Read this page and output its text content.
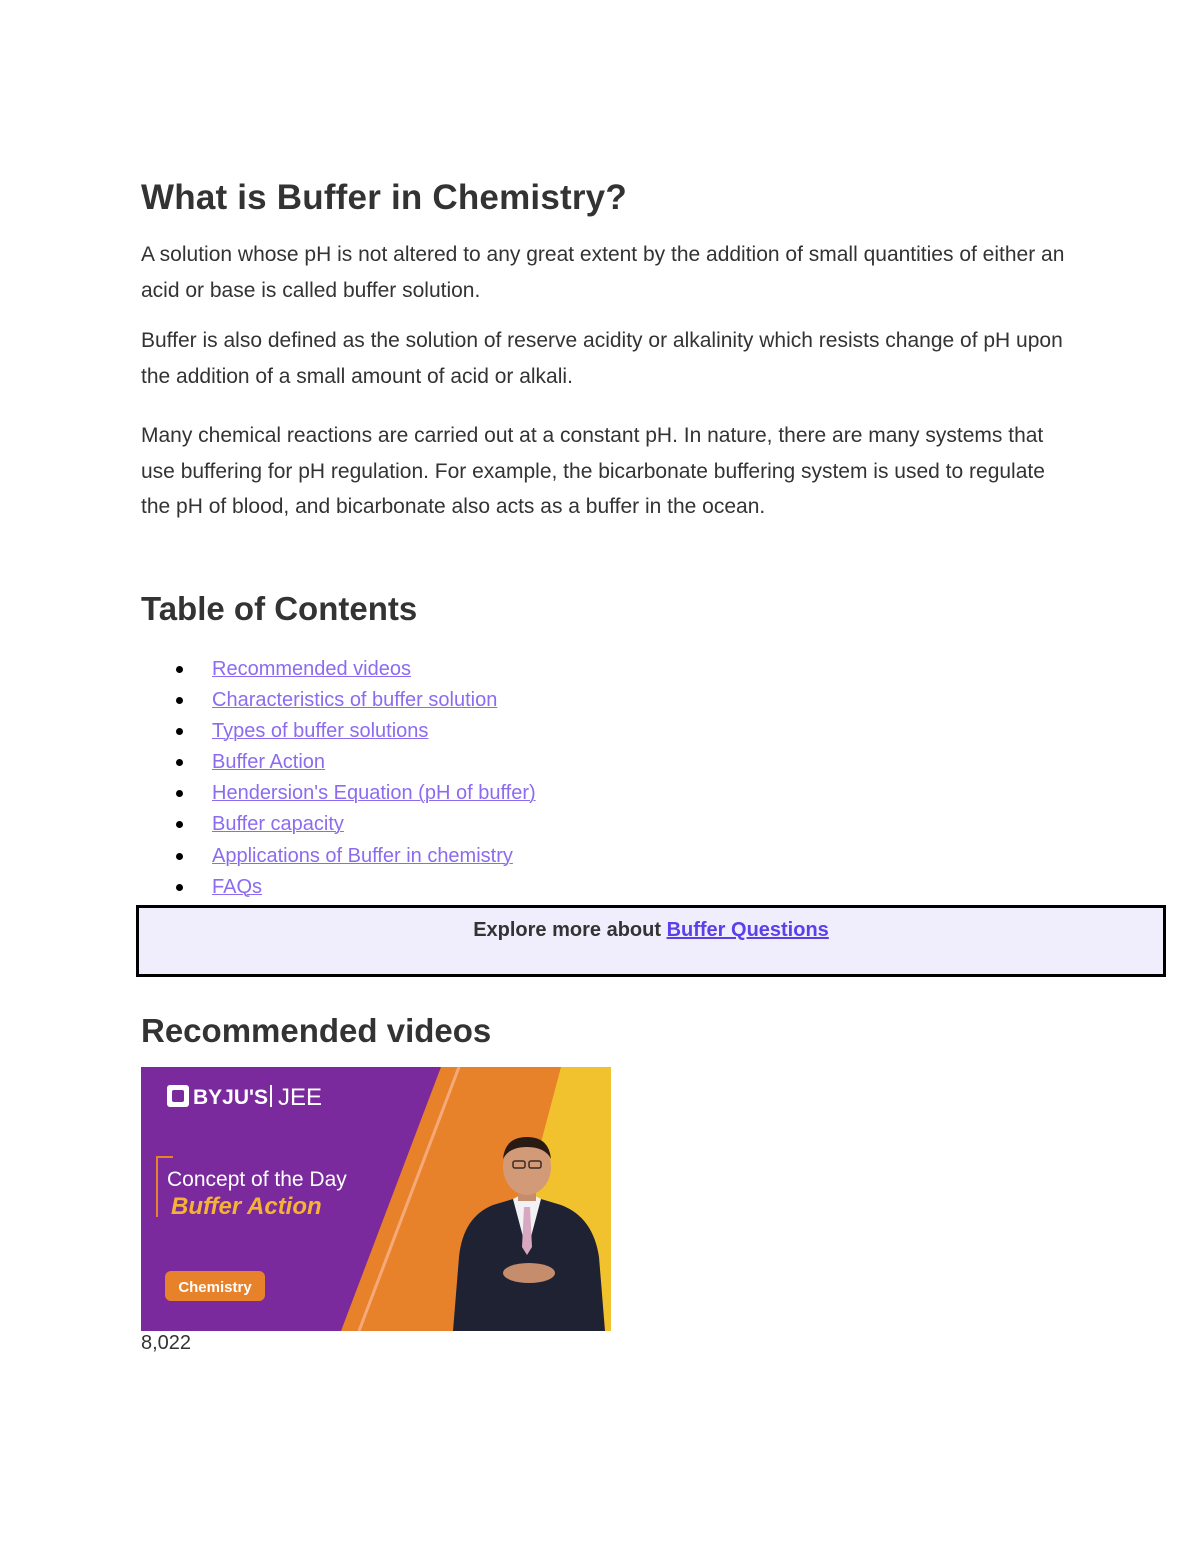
What is Buffer in Chemistry?

A solution whose pH is not altered to any great extent by the addition of small quantities of either an acid or base is called buffer solution.

Buffer is also defined as the solution of reserve acidity or alkalinity which resists change of pH upon the addition of a small amount of acid or alkali.

Many chemical reactions are carried out at a constant pH. In nature, there are many systems that use buffering for pH regulation. For example, the bicarbonate buffering system is used to regulate the pH of blood, and bicarbonate also acts as a buffer in the ocean.

Table of Contents
Recommended videos
Characteristics of buffer solution
Types of buffer solutions
Buffer Action
Hendersion's Equation (pH of buffer)
Buffer capacity
Applications of Buffer in chemistry
FAQs
Explore more about Buffer Questions
Recommended videos
BYJU'S JEE
Concept of the Day
Buffer Action
Chemistry
8,022
